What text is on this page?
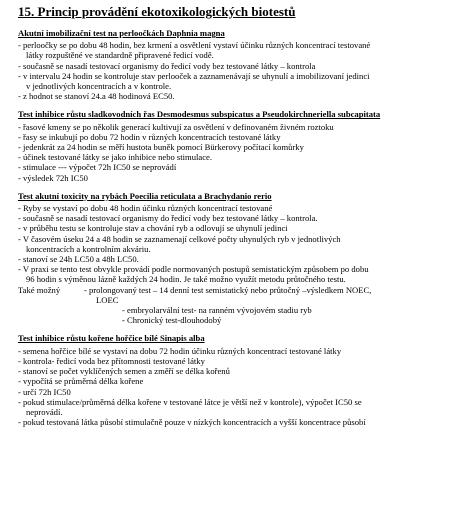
15. Princip provádění ekotoxikologických biotestů
Akutní imobilizační test na perloočkách Daphnia magna
- perloočky se po dobu 48 hodin, bez krmení a osvětlení vystaví účinku různých koncentrací testované
látky rozpuštěné ve standardně připravené ředicí vodě.
- současně se nasadí testovací organismy do ředicí vody bez testované látky – kontrola
- v intervalu 24 hodin se kontroluje stav perlooček a zaznamenávají se uhynulí a imobilizovaní jedinci
v jednotlivých koncentracích a v kontrole.
- z hodnot se stanoví 24.a 48 hodinová EC50.
Test inhibice růstu sladkovodních řas Desmodesmus subspicatus a Pseudokirchneriella subcapitata
- řasové kmeny se po několik generací kultivují za osvětlení v definovaném živném roztoku
- řasy se inkubují po dobu 72 hodin v různých koncentracích testované látky
- jedenkrát za 24 hodin se měří hustota buněk pomocí Bürkerovy počítací komůrky
- účinek testované látky se jako inhibice nebo stimulace.
- stimulace --- výpočet 72h IC50 se neprovádí
- výsledek 72h IC50
Test akutní toxicity na rybách Poecilia reticulata a Brachydanio rerio
- Ryby se vystaví po dobu 48 hodin účinku různých koncentrací testované
- současně se nasadí testovací organismy do ředicí vody bez testované látky – kontrola.
- v průběhu testu se kontroluje stav a chování ryb a odlovují se uhynulí jedinci
- V časovém úseku 24 a 48 hodin se zaznamenají celkové počty uhynulých ryb v jednotlivých
koncentracích a kontrolním akváriu.
- stanoví se 24h LC50 a 48h LC50.
- V praxi se tento test obvykle provádí podle normovaných postupů semistatickým způsobem po dobu
96 hodin s výměnou lázně každých 24 hodin. Je také možno využít metodu průtočného testu.
Také možný	- prolongovaný test – 14 denní test semistatický nebo průtočný –výsledkem NOEC,
LOEC
- embryolarvální test- na ranném vývojovém stadiu ryb
- Chronický test-dlouhodobý
Test inhibice růstu kořene hořčice bílé Sinapis alba
- semena hořčice bílé se vystaví na dobu 72 hodin účinku různých koncentrací testované látky
- kontrola- ředicí voda bez přítomnosti testované látky
- stanoví se počet vyklíčených semen a změří se délka kořenů
- vypočítá se průměrná délka kořene
- určí 72h IC50
- pokud stimulace/průměrná délka kořene v testované látce je větší než v kontrole), výpočet IC50 se
neprovádí.
- pokud testovaná látka působí stimulačně pouze v nízkých koncentracích a vyšší koncentrace působí
